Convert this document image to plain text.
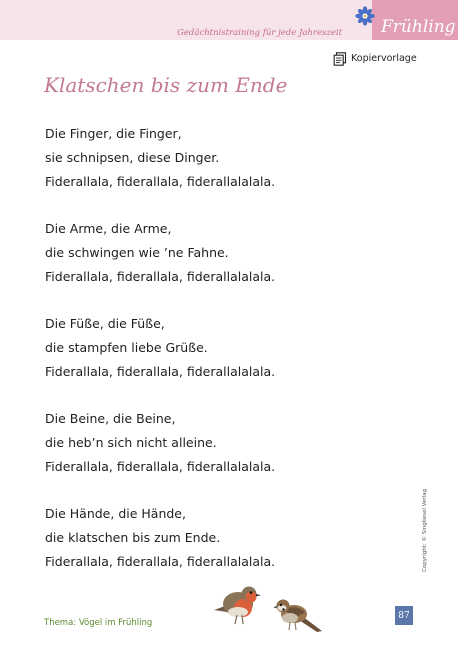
Gedächtnistraining für jede Jahreszeit Frühling
Kopiervorlage
Klatschen bis zum Ende
Die Finger, die Finger,
sie schnipsen, diese Dinger.
Fiderallala, fiderallala, fiderallalalala.
Die Arme, die Arme,
die schwingen wie ’ne Fahne.
Fiderallala, fiderallala, fiderallalalala.
Die Füße, die Füße,
die stampfen liebe Grüße.
Fiderallala, fiderallala, fiderallalalala.
Die Beine, die Beine,
die heb’n sich nicht alleine.
Fiderallala, fiderallala, fiderallalalala.
Die Hände, die Hände,
die klatschen bis zum Ende.
Fiderallala, fiderallala, fiderallalalala.	Copyright: © Singliesel Verlag
Thema: Vögel im Frühling
87
